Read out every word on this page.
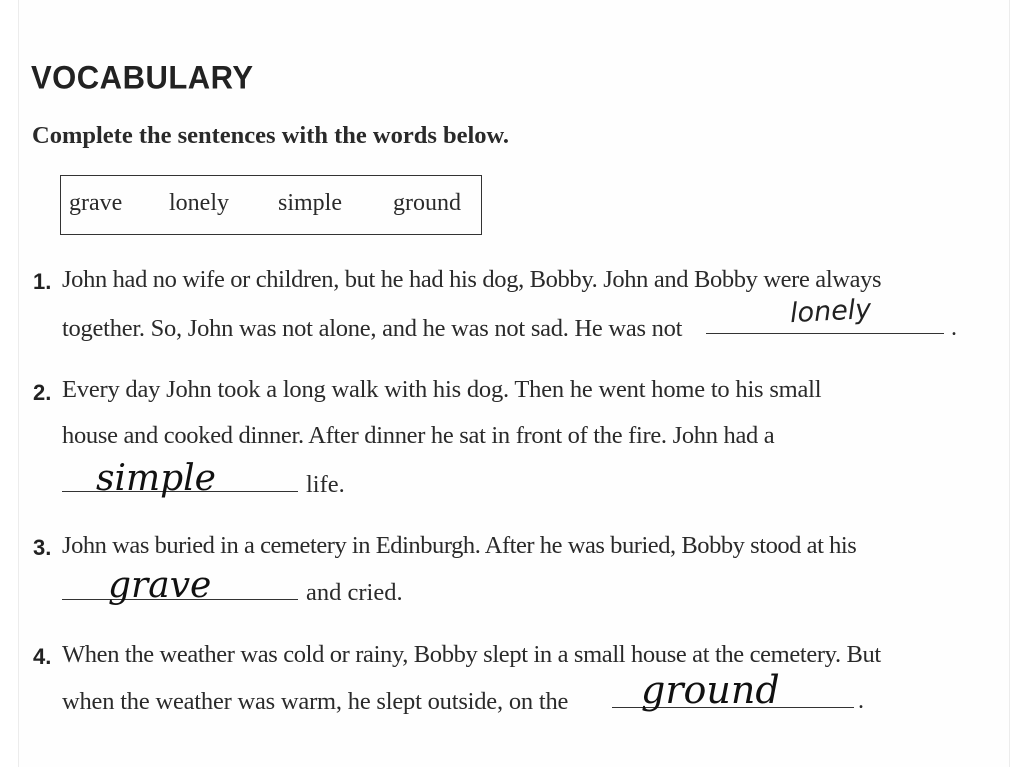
VOCABULARY
Complete the sentences with the words below.
grave lonely simple ground
1. John had no wife or children, but he had his dog, Bobby. John and Bobby were always
together. So, John was not alone, and he was not sad. He was not	lonely	.
2. Every day John took a long walk with his dog. Then he went home to his small
house and cooked dinner. After dinner he sat in front of the fire. John had a
simple	life.
3. John was buried in a cemetery in Edinburgh. After he was buried, Bobby stood at his
grave	and cried.
4. When the weather was cold or rainy, Bobby slept in a small house at the cemetery. But
when the weather was warm, he slept outside, on the ground	.
